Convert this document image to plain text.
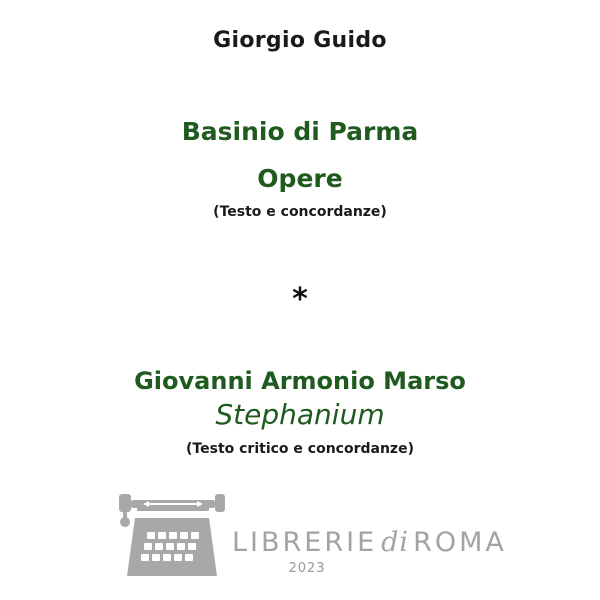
Giorgio Guido
Basinio di Parma
Opere
(Testo e concordanze)
*
Giovanni Armonio Marso
Stephanium
(Testo critico e concordanze)
LIBRERIE di ROMA
2023
